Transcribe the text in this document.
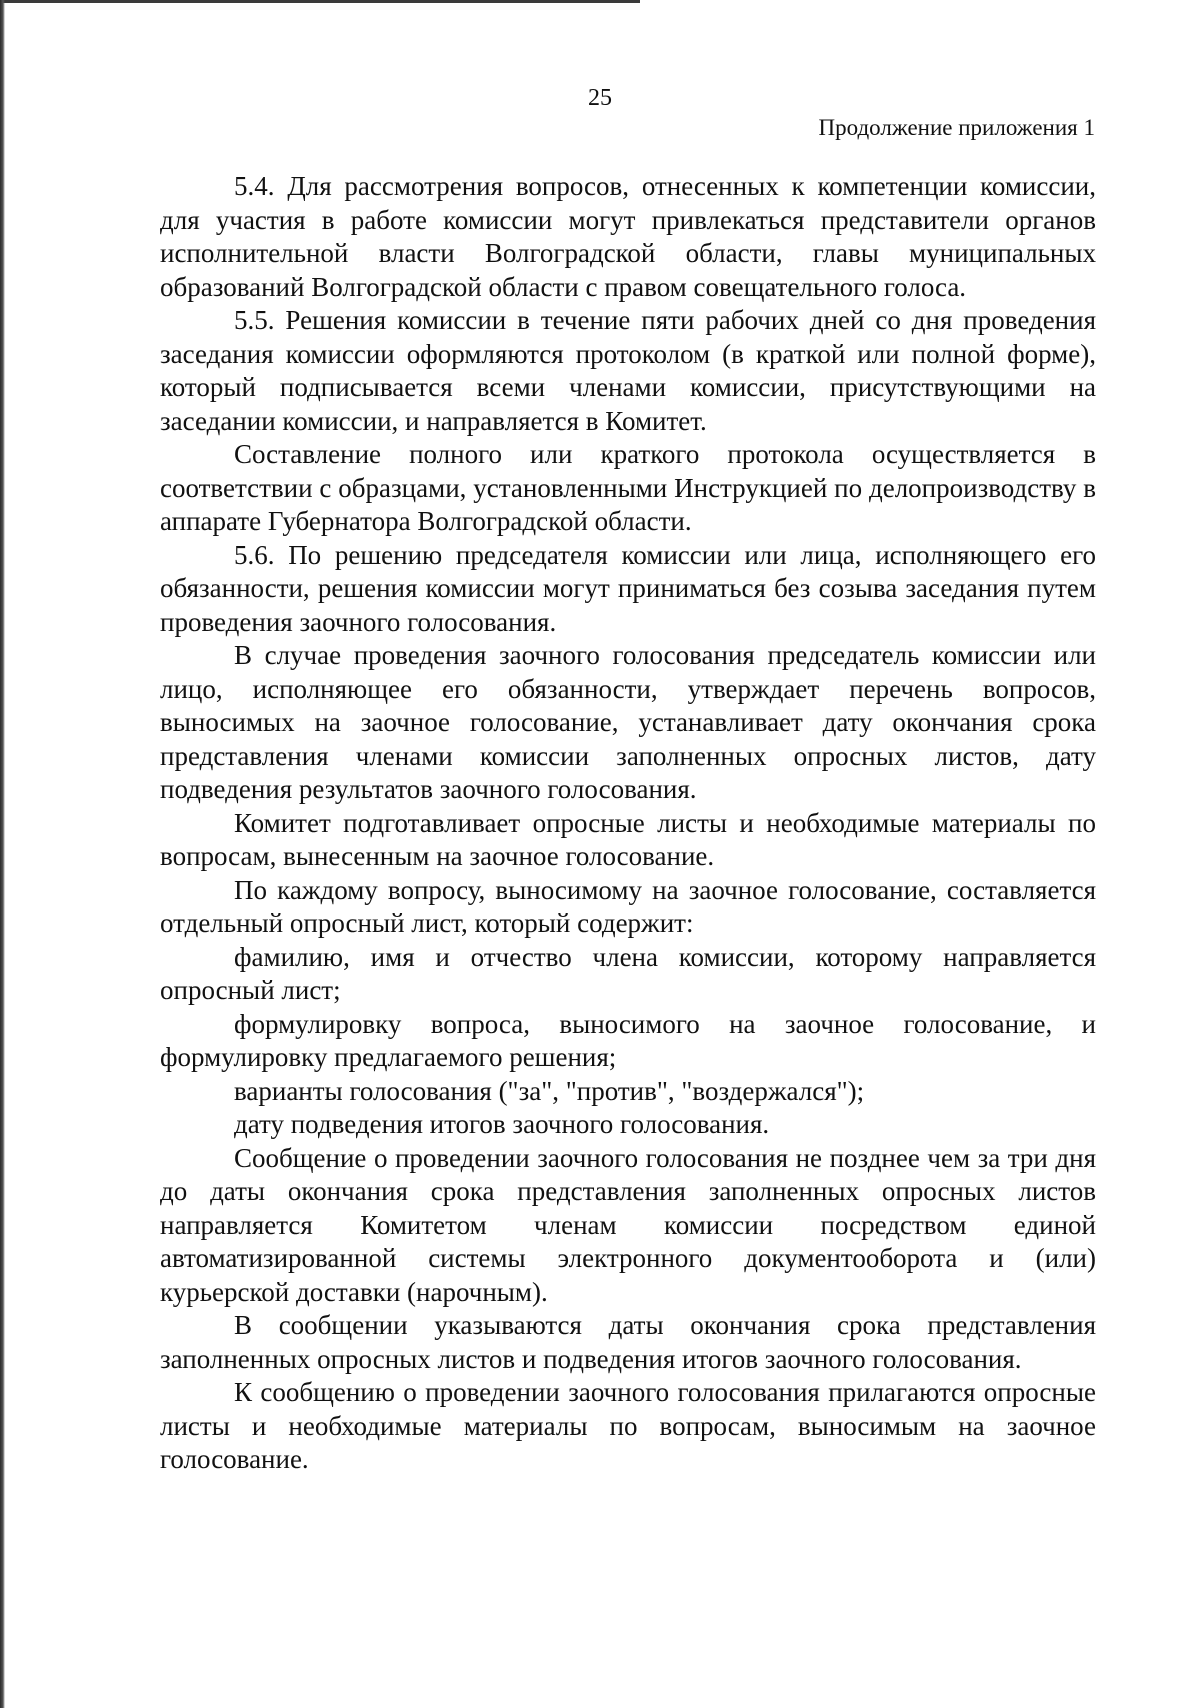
25
Продолжение приложения 1

5.4. Для рассмотрения вопросов, отнесенных к компетенции комиссии, для участия в работе комиссии могут привлекаться представители органов исполнительной власти Волгоградской области, главы муниципальных образований Волгоградской области с правом совещательного голоса.

5.5. Решения комиссии в течение пяти рабочих дней со дня проведения заседания комиссии оформляются протоколом (в краткой или полной форме), который подписывается всеми членами комиссии, присутствующими на заседании комиссии, и направляется в Комитет.

Составление полного или краткого протокола осуществляется в соответствии с образцами, установленными Инструкцией по делопроизводству в аппарате Губернатора Волгоградской области.

5.6. По решению председателя комиссии или лица, исполняющего его обязанности, решения комиссии могут приниматься без созыва заседания путем проведения заочного голосования.

В случае проведения заочного голосования председатель комиссии или лицо, исполняющее его обязанности, утверждает перечень вопросов, выносимых на заочное голосование, устанавливает дату окончания срока представления членами комиссии заполненных опросных листов, дату подведения результатов заочного голосования.

Комитет подготавливает опросные листы и необходимые материалы по вопросам, вынесенным на заочное голосование.

По каждому вопросу, выносимому на заочное голосование, составляется отдельный опросный лист, который содержит:

фамилию, имя и отчество члена комиссии, которому направляется опросный лист;

формулировку вопроса, выносимого на заочное голосование, и формулировку предлагаемого решения;

варианты голосования ("за", "против", "воздержался");

дату подведения итогов заочного голосования.

Сообщение о проведении заочного голосования не позднее чем за три дня до даты окончания срока представления заполненных опросных листов направляется Комитетом членам комиссии посредством единой автоматизированной системы электронного документооборота и (или) курьерской доставки (нарочным).

В сообщении указываются даты окончания срока представления заполненных опросных листов и подведения итогов заочного голосования.

К сообщению о проведении заочного голосования прилагаются опросные листы и необходимые материалы по вопросам, выносимым на заочное голосование.
